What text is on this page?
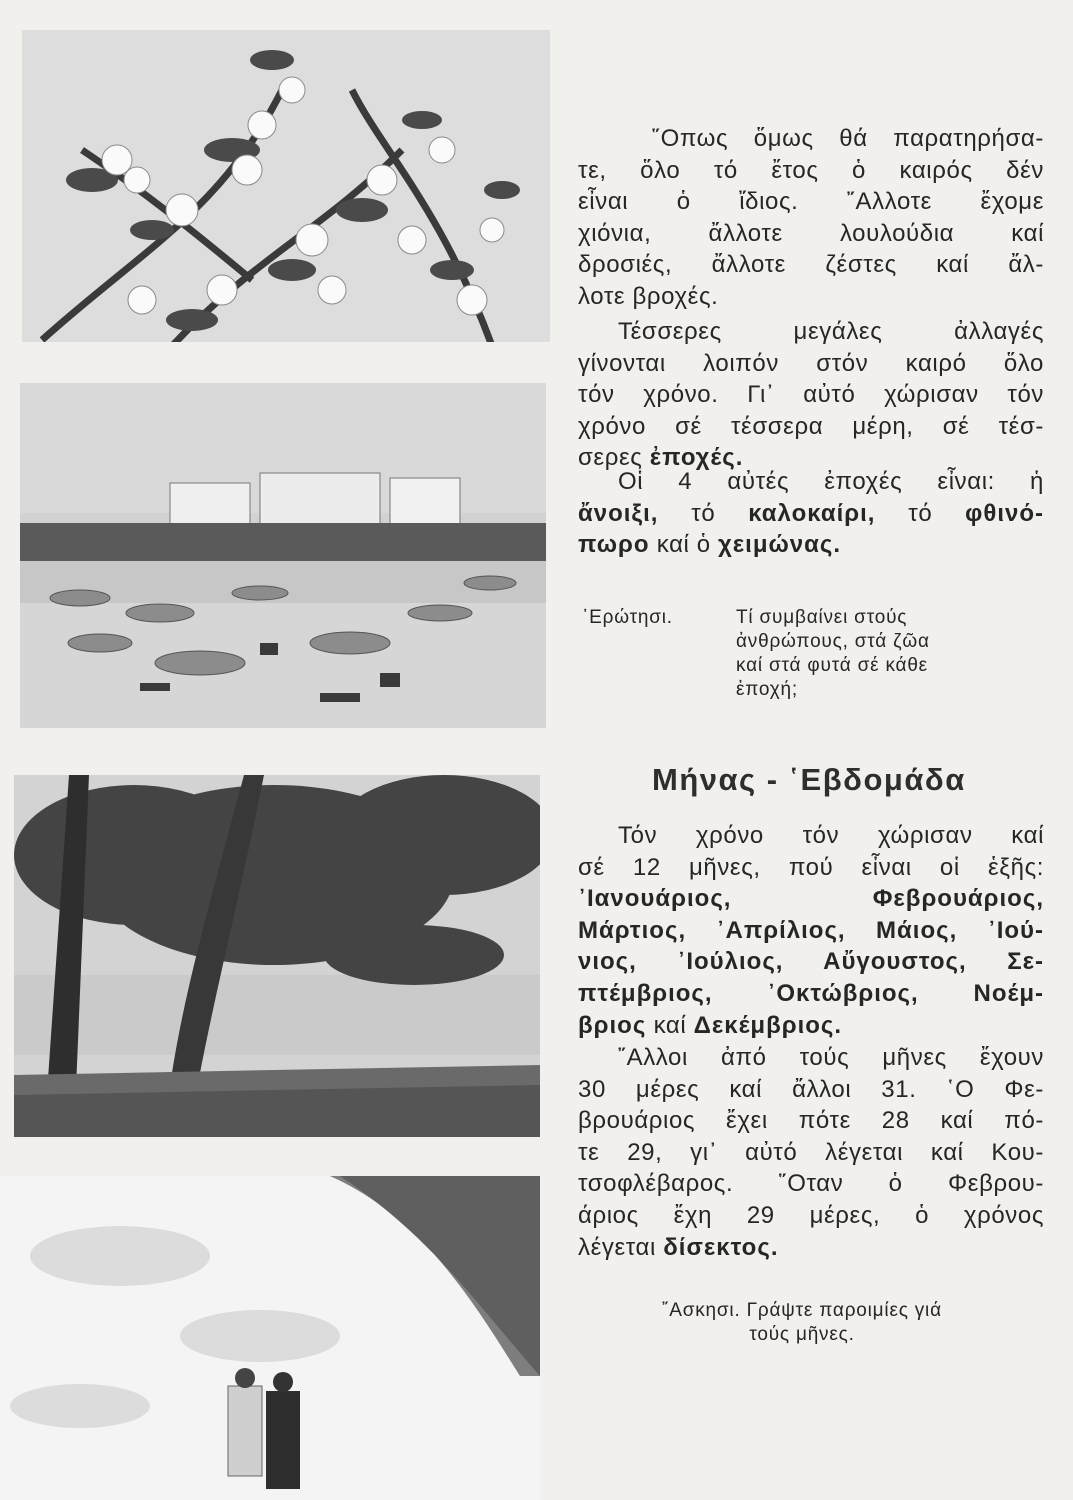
῞Οπως ὅμως θά παρατηρήσα-

τε, ὅλο τό ἔτος ὁ καιρός δέν

εἶναι ὁ ἴδιος. ῎Αλλοτε ἔχομε

χιόνια, ἄλλοτε λουλούδια καί

δροσιές, ἄλλοτε ζέστες καί ἄλ-

λοτε βροχές.

Τέσσερες μεγάλες ἀλλαγές

γίνονται λοιπόν στόν καιρό ὅλο

τόν χρόνο. Γι᾿ αὐτό χώρισαν τόν

χρόνο σέ τέσσερα μέρη, σέ τέσ-

σερες ἐποχές.

Οἱ 4 αὐτές ἐποχές εἶναι: ἡ

ἄνοιξι, τό καλοκαίρι, τό φθινό-

πωρο καί ὁ χειμώνας.

᾿Ερώτησι.	Τί συμβαίνει στούς
ἀνθρώπους, στά ζῶα
καί στά φυτά σέ κάθε
ἐποχή;
Μήνας - ῾Εβδομάδα

Τόν χρόνο τόν χώρισαν καί

σέ 12 μῆνες, πού εἶναι οἱ ἑξῆς:

᾿Ιανουάριος, Φεβρουάριος,

Μάρτιος, ᾿Απρίλιος, Μάιος, ᾿Ιού-

νιος, ᾿Ιούλιος, Αὔγουστος, Σε-

πτέμβριος, ᾿Οκτώβριος, Νοέμ-

βριος καί Δεκέμβριος.

῎Αλλοι ἀπό τούς μῆνες ἔχουν

30 μέρες καί ἄλλοι 31. ῾Ο Φε-

βρουάριος ἔχει πότε 28 καί πό-

τε 29, γι᾿ αὐτό λέγεται καί Κου-

τσοφλέβαρος. ῞Οταν ὁ Φεβρου-

άριος ἔχη 29 μέρες, ὁ χρόνος

λέγεται δίσεκτος.

῎Ασκησι. Γράψτε παροιμίες γιά
τούς μῆνες.
